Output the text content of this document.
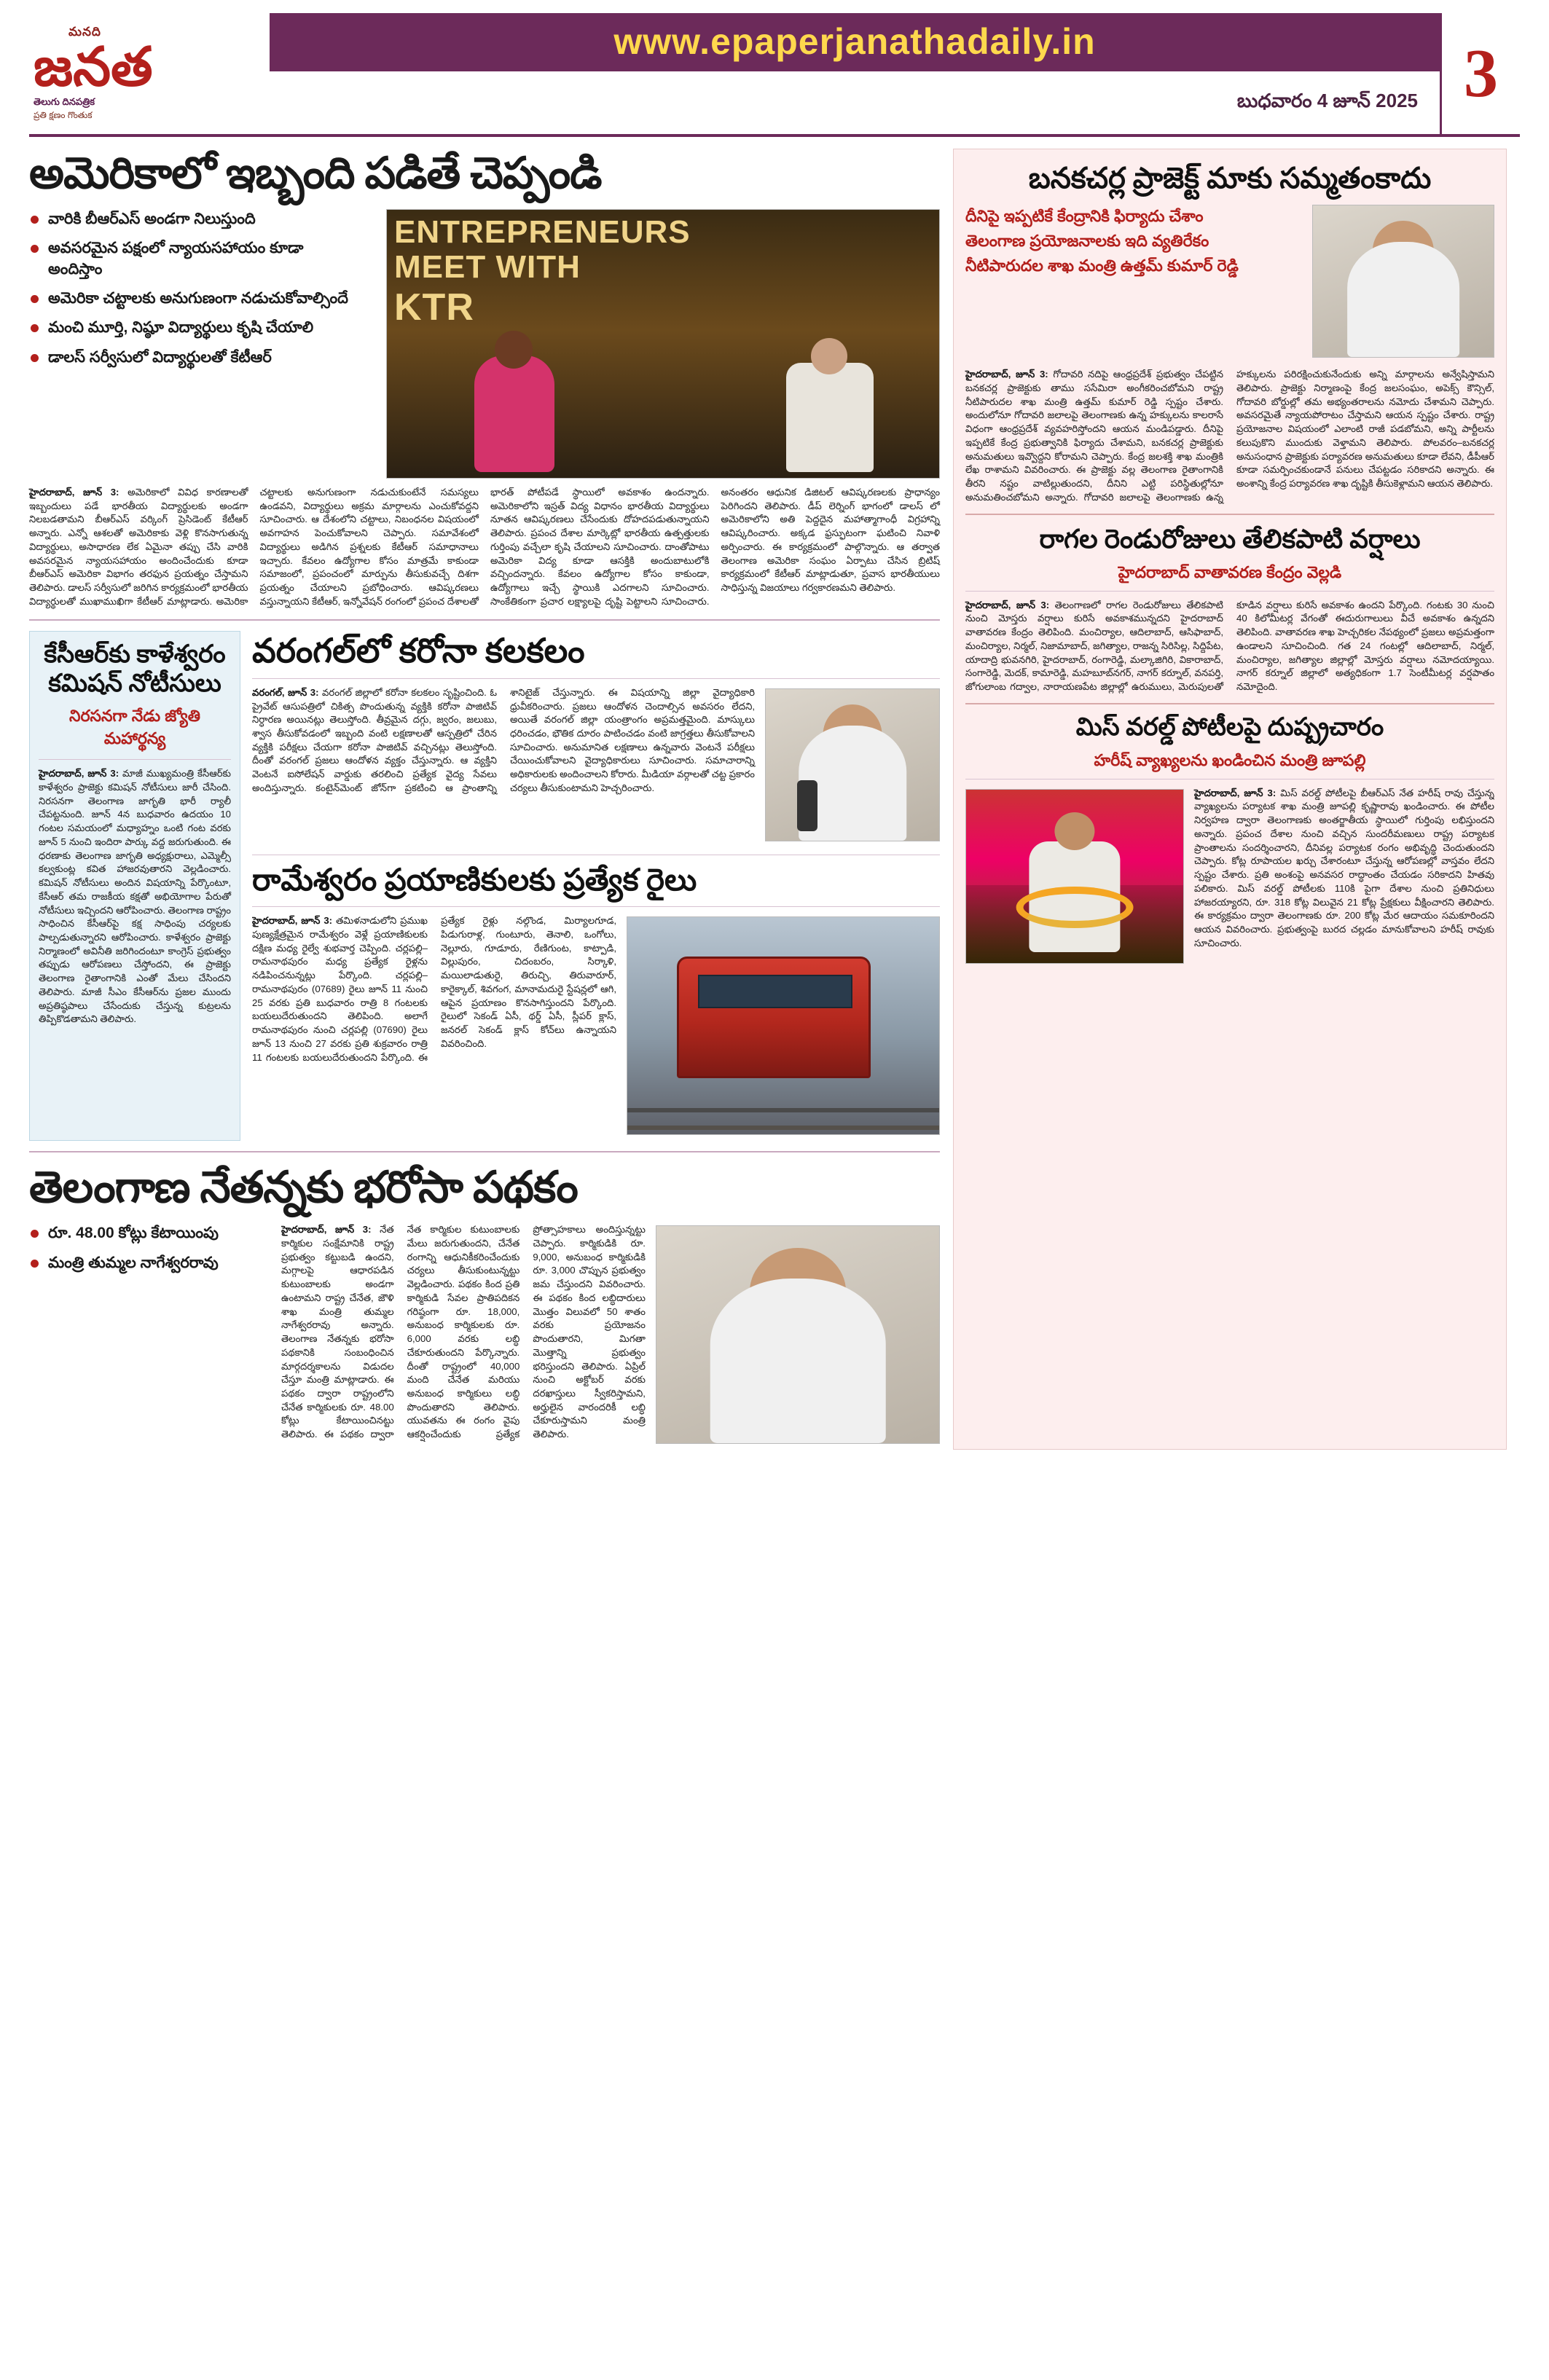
మనది
జనత
తెలుగు దినపత్రిక
ప్రతి క్షణం గొంతుక
www.epaperjanathadaily.in
బుధవారం 4 జూన్ 2025 3
అమెరికాలో ఇబ్బంది పడితే చెప్పండి
వారికి బీఆర్ఎస్ అండగా నిలుస్తుంది
అవసరమైన పక్షంలో న్యాయసహాయం కూడా అందిస్తాం
అమెరికా చట్టాలకు అనుగుణంగా నడుచుకోవాల్సిందే
మంచి మూర్తి, నిష్ఠూ విద్యార్థులు కృషి చేయాలి
డాలస్ సర్వీసులో విద్యార్థులతో కేటీఆర్
ENTREPRENEURS
MEET WITH
KTR
హైదరాబాద్, జూన్ 3: అమెరికాలో వివిధ కారణాలతో ఇబ్బందులు పడే భారతీయ విద్యార్థులకు అండగా నిలబడతామని బీఆర్ఎస్ వర్కింగ్ ప్రెసిడెంట్ కేటీఆర్ అన్నారు. ఎన్నో ఆశలతో అమెరికాకు వెళ్లి కొనసాగుతున్న విద్యార్థులు, అసాధారణ లేక ఏమైనా తప్పు చేసి వారికి అవసరమైన న్యాయసహాయం అందించేందుకు కూడా బీఆర్ఎస్ అమెరికా విభాగం తరఫున ప్రయత్నం చేస్తామని తెలిపారు. డాలస్ సర్వీసులో జరిగిన కార్యక్రమంలో భారతీయ విద్యార్థులతో ముఖాముఖిగా కేటీఆర్ మాట్లాడారు. అమెరికా చట్టాలకు అనుగుణంగా నడుచుకుంటేనే సమస్యలు ఉండవని, విద్యార్థులు అక్రమ మార్గాలను ఎంచుకోవద్దని సూచించారు. ఆ దేశంలోని చట్టాలు, నిబంధనల విషయంలో అవగాహన పెంచుకోవాలని చెప్పారు. సమావేశంలో విద్యార్థులు అడిగిన ప్రశ్నలకు కేటీఆర్ సమాధానాలు ఇచ్చారు. కేవలం ఉద్యోగాల కోసం మాత్రమే కాకుండా సమాజంలో, ప్రపంచంలో మార్పును తీసుకువచ్చే దిశగా ప్రయత్నం చేయాలని ప్రబోధించారు. ఆవిష్కరణలు వస్తున్నాయని కేటీఆర్, ఇన్నోవేషన్ రంగంలో ప్రపంచ దేశాలతో భారత్ పోటీపడే స్థాయిలో అవకాశం ఉందన్నారు. అమెరికాలోని ఇస్రత్ విద్య విధానం భారతీయ విద్యార్థులు నూతన ఆవిష్కరణలు చేసేందుకు దోహదపడుతున్నాయని తెలిపారు. ప్రపంచ దేశాల మార్కెట్లో భారతీయ ఉత్పత్తులకు గుర్తింపు వచ్చేలా కృషి చేయాలని సూచించారు. దాంతోపాటు అమెరికా విద్య కూడా ఆసక్తికి అందుబాటులోకి వచ్చిందన్నారు. కేవలం ఉద్యోగాల కోసం కాకుండా, ఉద్యోగాలు ఇచ్చే స్థాయికి ఎదగాలని సూచించారు. సాంకేతికంగా ప్రచార లక్ష్యాలపై దృష్టి పెట్టాలని సూచించారు. అనంతరం ఆధునిక డిజిటల్ ఆవిష్కరణలకు ప్రాధాన్యం పెరిగిందని తెలిపారు. డీప్ లెర్నింగ్ భాగంలో డాలస్ లో అమెరికాలోని అతి పెద్దదైన మహాత్మాగాంధీ విగ్రహాన్ని ఆవిష్కరించారు. అక్కడ ఫ్రస్ఫుటంగా ఘటించి నివాళి అర్పించారు. ఈ కార్యక్రమంలో పాల్గొన్నారు. ఆ తర్వాత తెలంగాణ అమెరికా సంఘం ఏర్పాటు చేసిన బ్రిటిష్ కార్యక్రమంలో కేటీఆర్ మాట్లాడుతూ, ప్రవాస భారతీయులు సాధిస్తున్న విజయాలు గర్వకారణమని తెలిపారు.
కేసీఆర్‌కు కాళేశ్వరం కమిషన్ నోటీసులు
నిరసనగా నేడు జ్యోతి మహార్థన్య
హైదరాబాద్, జూన్ 3: మాజీ ముఖ్యమంత్రి కేసీఆర్‌కు కాళేశ్వరం ప్రాజెక్టు కమిషన్ నోటీసులు జారీ చేసింది. నిరసనగా తెలంగాణ జాగృతి భారీ ర్యాలీ చేపట్టనుంది. జూన్ 4న బుధవారం ఉదయం 10 గంటల సమయంలో మధ్యాహ్నం ఒంటి గంట వరకు జూన్ 5 నుంచి ఇందిరా పార్కు వద్ద జరుగుతుంది. ఈ ధరణాకు తెలంగాణ జాగృతి అధ్యక్షురాలు, ఎమ్మెల్సీ కల్వకుంట్ల కవిత హాజరవుతారని వెల్లడించారు. కమిషన్ నోటీసులు అందిన విషయాన్ని పేర్కొంటూ, కేసీఆర్ తమ రాజకీయ కక్షతో అభియోగాల పేరుతో నోటీసులు ఇచ్చిందని ఆరోపించారు. తెలంగాణ రాష్ట్రం సాధించిన కేసీఆర్‌పై కక్ష సాధింపు చర్యలకు పాల్పడుతున్నారని ఆరోపించారు. కాళేశ్వరం ప్రాజెక్టు నిర్మాణంలో అవినీతి జరిగిందంటూ కాంగ్రెస్ ప్రభుత్వం తప్పుడు ఆరోపణలు చేస్తోందని, ఈ ప్రాజెక్టు తెలంగాణ రైతాంగానికి ఎంతో మేలు చేసిందని తెలిపారు. మాజీ సీఎం కేసీఆర్‌ను ప్రజల ముందు అప్రతిష్ఠపాలు చేసేందుకు చేస్తున్న కుట్రలను తిప్పికొడతామని తెలిపారు.
వరంగల్‌లో కరోనా కలకలం
వరంగల్, జూన్ 3: వరంగల్ జిల్లాలో కరోనా కలకలం సృష్టించింది. ఓ ప్రైవేట్ ఆసుపత్రిలో చికిత్స పొందుతున్న వ్యక్తికి కరోనా పాజిటివ్ నిర్ధారణ అయినట్లు తెలుస్తోంది. తీవ్రమైన దగ్గు, జ్వరం, జలుబు, శ్వాస తీసుకోవడంలో ఇబ్బంది వంటి లక్షణాలతో ఆస్పత్రిలో చేరిన వ్యక్తికి పరీక్షలు చేయగా కరోనా పాజిటివ్ వచ్చినట్లు తెలుస్తోంది. దీంతో వరంగల్ ప్రజలు ఆందోళన వ్యక్తం చేస్తున్నారు. ఆ వ్యక్తిని వెంటనే ఐసోలేషన్ వార్డుకు తరలించి ప్రత్యేక వైద్య సేవలు అందిస్తున్నారు. కంటైన్‌మెంట్ జోన్‌గా ప్రకటించి ఆ ప్రాంతాన్ని శానిటైజ్ చేస్తున్నారు. ఈ విషయాన్ని జిల్లా వైద్యాధికారి ధ్రువీకరించారు. ప్రజలు ఆందోళన చెందాల్సిన అవసరం లేదని, అయితే వరంగల్ జిల్లా యంత్రాంగం అప్రమత్తమైంది. మాస్కులు ధరించడం, భౌతిక దూరం పాటించడం వంటి జాగ్రత్తలు తీసుకోవాలని సూచించారు. అనుమానిత లక్షణాలు ఉన్నవారు వెంటనే పరీక్షలు చేయించుకోవాలని వైద్యాధికారులు సూచించారు. సమాచారాన్ని అధికారులకు అందించాలని కోరారు. మీడియా వర్గాలతో చట్ట ప్రకారం చర్యలు తీసుకుంటామని హెచ్చరించారు.
రామేశ్వరం ప్రయాణికులకు ప్రత్యేక రైలు
హైదరాబాద్, జూన్ 3: తమిళనాడులోని ప్రముఖ పుణ్యక్షేత్రమైన రామేశ్వరం వెళ్లే ప్రయాణికులకు దక్షిణ మధ్య రైల్వే శుభవార్త చెప్పింది. చర్లపల్లి–రామనాథపురం మధ్య ప్రత్యేక రైళ్లను నడిపించనున్నట్లు పేర్కొంది. చర్లపల్లి–రామనాథపురం (07689) రైలు జూన్ 11 నుంచి 25 వరకు ప్రతి బుధవారం రాత్రి 8 గంటలకు బయలుదేరుతుందని తెలిపింది. అలాగే రామనాథపురం నుంచి చర్లపల్లి (07690) రైలు జూన్ 13 నుంచి 27 వరకు ప్రతి శుక్రవారం రాత్రి 11 గంటలకు బయలుదేరుతుందని పేర్కొంది. ఈ ప్రత్యేక రైళ్లు నల్గొండ, మిర్యాలగూడ, పిడుగురాళ్ల, గుంటూరు, తెనాలి, ఒంగోలు, నెల్లూరు, గూడూరు, రేణిగుంట, కాట్పాడి, విల్లుపురం, చిదంబరం, సిర్కాళి, మయిలాడుతురై, తిరుచ్చి, తిరువారూర్, కారైక్కాల్, శివగంగ, మానామదురై స్టేషన్లలో ఆగి, ఆపైన ప్రయాణం కొనసాగిస్తుందని పేర్కొంది. రైలులో సెకండ్ ఏసీ, థర్డ్ ఏసీ, స్లీపర్ క్లాస్, జనరల్ సెకండ్ క్లాస్ కోచ్‌లు ఉన్నాయని వివరించింది.
తెలంగాణ నేతన్నకు భరోసా పథకం
రూ. 48.00 కోట్లు కేటాయింపు
మంత్రి తుమ్మల నాగేశ్వరరావు
హైదరాబాద్, జూన్ 3: నేత కార్మికుల సంక్షేమానికి రాష్ట్ర ప్రభుత్వం కట్టుబడి ఉందని, మగ్గాలపై ఆధారపడిన కుటుంబాలకు అండగా ఉంటామని రాష్ట్ర చేనేత, జౌళి శాఖ మంత్రి తుమ్మల నాగేశ్వరరావు అన్నారు. తెలంగాణ నేతన్నకు భరోసా పథకానికి సంబంధించిన మార్గదర్శకాలను విడుదల చేస్తూ మంత్రి మాట్లాడారు. ఈ పథకం ద్వారా రాష్ట్రంలోని చేనేత కార్మికులకు రూ. 48.00 కోట్లు కేటాయించినట్టు తెలిపారు. ఈ పథకం ద్వారా నేత కార్మికుల కుటుంబాలకు మేలు జరుగుతుందని, చేనేత రంగాన్ని ఆధునికీకరించేందుకు చర్యలు తీసుకుంటున్నట్టు వెల్లడించారు. పథకం కింద ప్రతి కార్మికుడి సేవల ప్రాతిపదికన గరిష్ఠంగా రూ. 18,000, అనుబంధ కార్మికులకు రూ. 6,000 వరకు లబ్ధి చేకూరుతుందని పేర్కొన్నారు. దీంతో రాష్ట్రంలో 40,000 మంది చేనేత మరియు అనుబంధ కార్మికులు లబ్ధి పొందుతారని తెలిపారు. యువతను ఈ రంగం వైపు ఆకర్షించేందుకు ప్రత్యేక ప్రోత్సాహకాలు అందిస్తున్నట్టు చెప్పారు. కార్మికుడికి రూ. 9,000, అనుబంధ కార్మికుడికి రూ. 3,000 చొప్పున ప్రభుత్వం జమ చేస్తుందని వివరించారు. ఈ పథకం కింద లబ్ధిదారులు మొత్తం విలువలో 50 శాతం వరకు ప్రయోజనం పొందుతారని, మిగతా మొత్తాన్ని ప్రభుత్వం భరిస్తుందని తెలిపారు. ఏప్రిల్ నుంచి అక్టోబర్ వరకు దరఖాస్తులు స్వీకరిస్తామని, అర్హులైన వారందరికీ లబ్ధి చేకూరుస్తామని మంత్రి తెలిపారు.
బనకచర్ల ప్రాజెక్ట్ మాకు సమ్మతంకాదు
దీనిపై ఇప్పటికే కేంద్రానికి ఫిర్యాదు చేశాం
తెలంగాణ ప్రయోజనాలకు ఇది వ్యతిరేకం
నీటిపారుదల శాఖ మంత్రి ఉత్తమ్ కుమార్ రెడ్డి
హైదరాబాద్, జూన్ 3: గోదావరి నదిపై ఆంధ్రప్రదేశ్ ప్రభుత్వం చేపట్టిన బనకచర్ల ప్రాజెక్టుకు తాము ససేమిరా అంగీకరించబోమని రాష్ట్ర నీటిపారుదల శాఖ మంత్రి ఉత్తమ్ కుమార్ రెడ్డి స్పష్టం చేశారు. అందులోనూ గోదావరి జలాలపై తెలంగాణకు ఉన్న హక్కులను కాలరాసే విధంగా ఆంధ్రప్రదేశ్ వ్యవహరిస్తోందని ఆయన మండిపడ్డారు. దీనిపై ఇప్పటికే కేంద్ర ప్రభుత్వానికి ఫిర్యాదు చేశామని, బనకచర్ల ప్రాజెక్టుకు అనుమతులు ఇవ్వొద్దని కోరామని చెప్పారు. కేంద్ర జలశక్తి శాఖ మంత్రికి లేఖ రాశామని వివరించారు. ఈ ప్రాజెక్టు వల్ల తెలంగాణ రైతాంగానికి తీరని నష్టం వాటిల్లుతుందని, దీనిని ఎట్టి పరిస్థితుల్లోనూ అనుమతించబోమని అన్నారు. గోదావరి జలాలపై తెలంగాణకు ఉన్న హక్కులను పరిరక్షించుకునేందుకు అన్ని మార్గాలను అన్వేషిస్తామని తెలిపారు. ప్రాజెక్టు నిర్మాణంపై కేంద్ర జలసంఘం, అపెక్స్ కౌన్సిల్, గోదావరి బోర్డుల్లో తమ అభ్యంతరాలను నమోదు చేశామని చెప్పారు. అవసరమైతే న్యాయపోరాటం చేస్తామని ఆయన స్పష్టం చేశారు. రాష్ట్ర ప్రయోజనాల విషయంలో ఎలాంటి రాజీ పడబోమని, అన్ని పార్టీలను కలుపుకొని ముందుకు వెళ్తామని తెలిపారు. పోలవరం–బనకచర్ల అనుసంధాన ప్రాజెక్టుకు పర్యావరణ అనుమతులు కూడా లేవని, డీపీఆర్ కూడా సమర్పించకుండానే పనులు చేపట్టడం సరికాదని అన్నారు. ఈ అంశాన్ని కేంద్ర పర్యావరణ శాఖ దృష్టికి తీసుకెళ్లామని ఆయన తెలిపారు.
రాగల రెండురోజులు తేలికపాటి వర్షాలు
హైదరాబాద్ వాతావరణ కేంద్రం వెల్లడి
హైదరాబాద్, జూన్ 3: తెలంగాణలో రాగల రెండురోజులు తేలికపాటి నుంచి మోస్తరు వర్షాలు కురిసే అవకాశమున్నదని హైదరాబాద్ వాతావరణ కేంద్రం తెలిపింది. మంచిర్యాల, ఆదిలాబాద్, ఆసిఫాబాద్, మంచిర్యాల, నిర్మల్, నిజామాబాద్, జగిత్యాల, రాజన్న సిరిసిల్ల, సిద్దిపేట, యాదాద్రి భువనగిరి, హైదరాబాద్, రంగారెడ్డి, మల్కాజిగిరి, వికారాబాద్, సంగారెడ్డి, మెదక్, కామారెడ్డి, మహబూబ్‌నగర్, నాగర్ కర్నూల్, వనపర్తి, జోగులాంబ గద్వాల, నారాయణపేట జిల్లాల్లో ఉరుములు, మెరుపులతో కూడిన వర్షాలు కురిసే అవకాశం ఉందని పేర్కొంది. గంటకు 30 నుంచి 40 కిలోమీటర్ల వేగంతో ఈదురుగాలులు వీచే అవకాశం ఉన్నదని తెలిపింది. వాతావరణ శాఖ హెచ్చరికల నేపథ్యంలో ప్రజలు అప్రమత్తంగా ఉండాలని సూచించింది. గత 24 గంటల్లో ఆదిలాబాద్, నిర్మల్, మంచిర్యాల, జగిత్యాల జిల్లాల్లో మోస్తరు వర్షాలు నమోదయ్యాయి. నాగర్ కర్నూల్ జిల్లాలో అత్యధికంగా 1.7 సెంటీమీటర్ల వర్షపాతం నమోదైంది.
మిస్ వరల్డ్ పోటీలపై దుష్ప్రచారం
హరీష్ వ్యాఖ్యలను ఖండించిన మంత్రి జూపల్లి
హైదరాబాద్, జూన్ 3: మిస్ వరల్డ్ పోటీలపై బీఆర్ఎస్ నేత హరీష్ రావు చేస్తున్న వ్యాఖ్యలను పర్యాటక శాఖ మంత్రి జూపల్లి కృష్ణారావు ఖండించారు. ఈ పోటీల నిర్వహణ ద్వారా తెలంగాణకు అంతర్జాతీయ స్థాయిలో గుర్తింపు లభిస్తుందని అన్నారు. ప్రపంచ దేశాల నుంచి వచ్చిన సుందరీమణులు రాష్ట్ర పర్యాటక ప్రాంతాలను సందర్శించారని, దీనివల్ల పర్యాటక రంగం అభివృద్ధి చెందుతుందని చెప్పారు. కోట్ల రూపాయల ఖర్చు చేశారంటూ చేస్తున్న ఆరోపణల్లో వాస్తవం లేదని స్పష్టం చేశారు. ప్రతి అంశంపై అనవసర రాద్ధాంతం చేయడం సరికాదని హితవు పలికారు. మిస్ వరల్డ్ పోటీలకు 110కి పైగా దేశాల నుంచి ప్రతినిధులు హాజరయ్యారని, రూ. 318 కోట్ల విలువైన 21 కోట్ల ప్రేక్షకులు వీక్షించారని తెలిపారు. ఈ కార్యక్రమం ద్వారా తెలంగాణకు రూ. 200 కోట్ల మేర ఆదాయం సమకూరిందని ఆయన వివరించారు. ప్రభుత్వంపై బురద చల్లడం మానుకోవాలని హరీష్ రావుకు సూచించారు.
